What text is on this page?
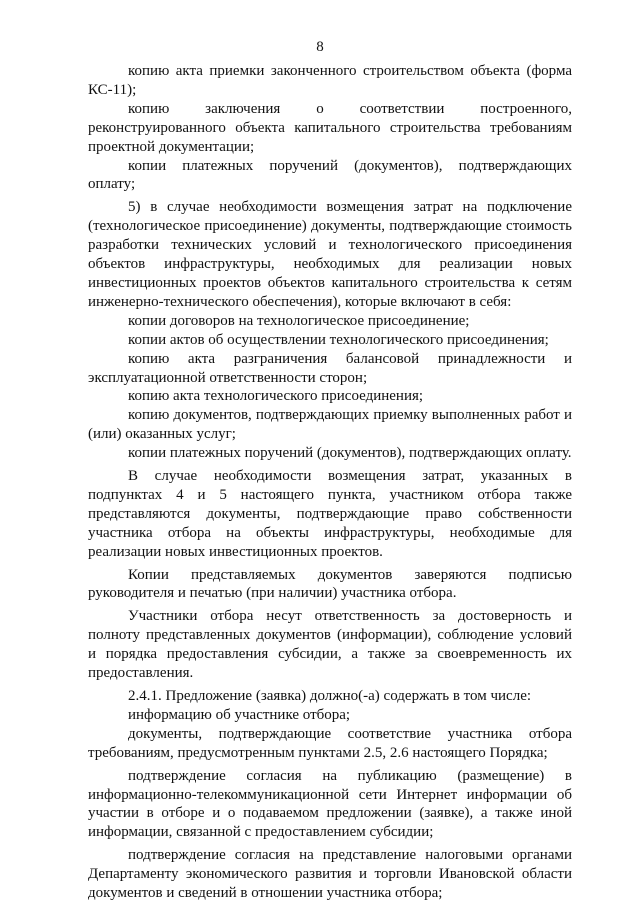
8

копию акта приемки законченного строительством объекта (форма КС-11);

копию заключения о соответствии построенного, реконструированного объекта капитального строительства требованиям проектной документации;

копии платежных поручений (документов), подтверждающих оплату;

5) в случае необходимости возмещения затрат на подключение (технологическое присоединение) документы, подтверждающие стоимость разработки технических условий и технологического присоединения объектов инфраструктуры, необходимых для реализации новых инвестиционных проектов объектов капитального строительства к сетям инженерно-технического обеспечения), которые включают в себя:

копии договоров на технологическое присоединение;

копии актов об осуществлении технологического присоединения;

копию акта разграничения балансовой принадлежности и эксплуатационной ответственности сторон;

копию акта технологического присоединения;

копию документов, подтверждающих приемку выполненных работ и (или) оказанных услуг;

копии платежных поручений (документов), подтверждающих оплату.

В случае необходимости возмещения затрат, указанных в подпунктах 4 и 5 настоящего пункта, участником отбора также представляются документы, подтверждающие право собственности участника отбора на объекты инфраструктуры, необходимые для реализации новых инвестиционных проектов.

Копии представляемых документов заверяются подписью руководителя и печатью (при наличии) участника отбора.

Участники отбора несут ответственность за достоверность и полноту представленных документов (информации), соблюдение условий и порядка предоставления субсидии, а также за своевременность их предоставления.

2.4.1. Предложение (заявка) должно(-а) содержать в том числе:

информацию об участнике отбора;

документы, подтверждающие соответствие участника отбора требованиям, предусмотренным пунктами 2.5, 2.6 настоящего Порядка;

подтверждение согласия на публикацию (размещение) в информационно-телекоммуникационной сети Интернет информации об участии в отборе и о подаваемом предложении (заявке), а также иной информации, связанной с предоставлением субсидии;

подтверждение согласия на представление налоговыми органами Департаменту экономического развития и торговли Ивановской области документов и сведений в отношении участника отбора;
